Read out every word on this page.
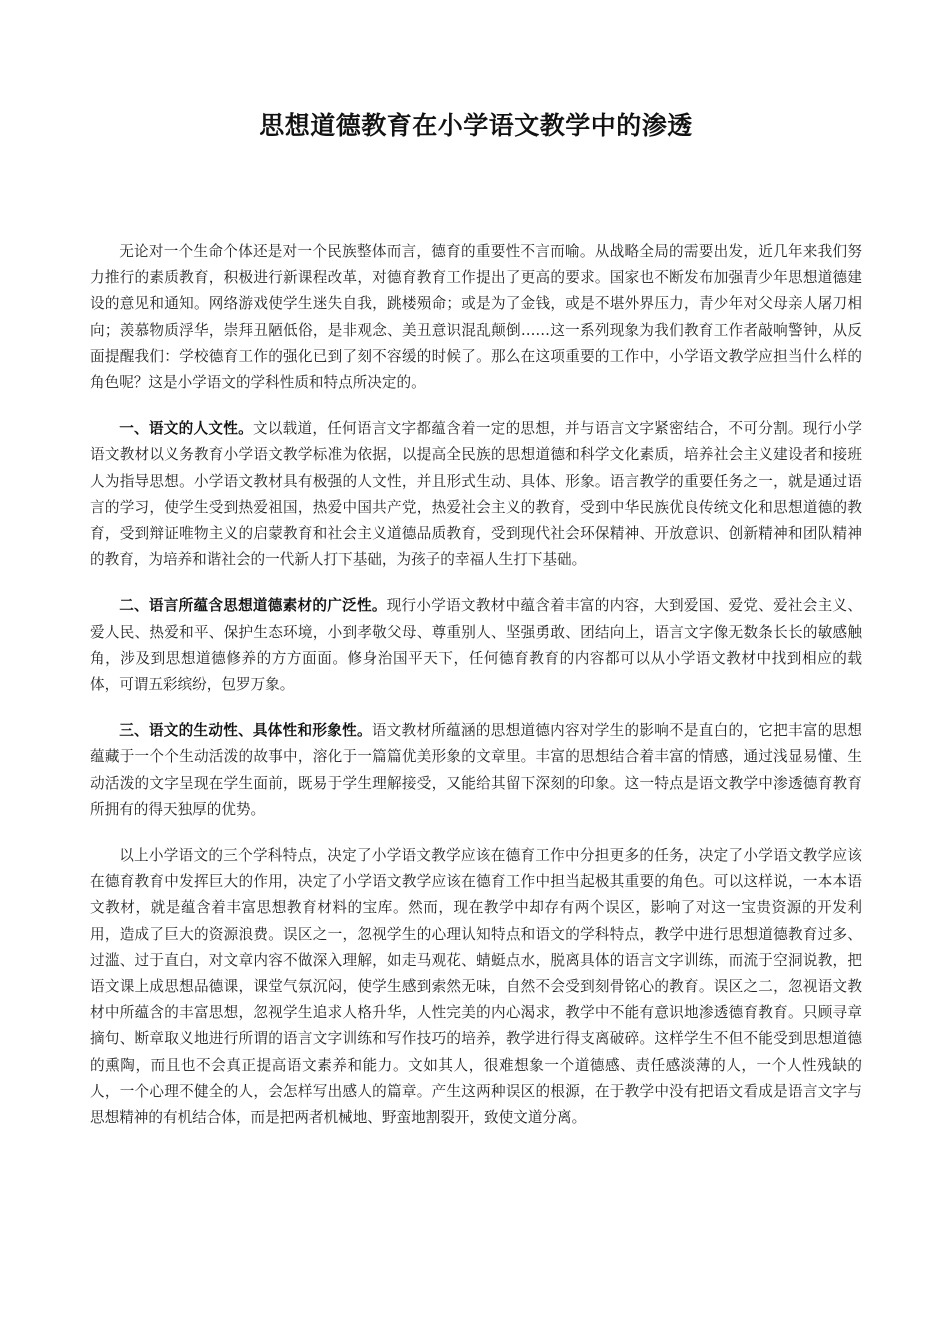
思想道德教育在小学语文教学中的渗透

无论对一个生命个体还是对一个民族整体而言，德育的重要性不言而喻。从战略全局的需要出发，近几年来我们努力推行的素质教育，积极进行新课程改革，对德育教育工作提出了更高的要求。国家也不断发布加强青少年思想道德建设的意见和通知。网络游戏使学生迷失自我，跳楼殒命；或是为了金钱，或是不堪外界压力，青少年对父母亲人屠刀相向；羡慕物质浮华，崇拜丑陋低俗，是非观念、美丑意识混乱颠倒……这一系列现象为我们教育工作者敲响警钟，从反面提醒我们：学校德育工作的强化已到了刻不容缓的时候了。那么在这项重要的工作中，小学语文教学应担当什么样的角色呢？这是小学语文的学科性质和特点所决定的。

一、语文的人文性。文以载道，任何语言文字都蕴含着一定的思想，并与语言文字紧密结合，不可分割。现行小学语文教材以义务教育小学语文教学标准为依据，以提高全民族的思想道德和科学文化素质，培养社会主义建设者和接班人为指导思想。小学语文教材具有极强的人文性，并且形式生动、具体、形象。语言教学的重要任务之一，就是通过语言的学习，使学生受到热爱祖国，热爱中国共产党，热爱社会主义的教育，受到中华民族优良传统文化和思想道德的教育，受到辩证唯物主义的启蒙教育和社会主义道德品质教育，受到现代社会环保精神、开放意识、创新精神和团队精神的教育，为培养和谐社会的一代新人打下基础，为孩子的幸福人生打下基础。

二、语言所蕴含思想道德素材的广泛性。现行小学语文教材中蕴含着丰富的内容，大到爱国、爱党、爱社会主义、爱人民、热爱和平、保护生态环境，小到孝敬父母、尊重别人、坚强勇敢、团结向上，语言文字像无数条长长的敏感触角，涉及到思想道德修养的方方面面。修身治国平天下，任何德育教育的内容都可以从小学语文教材中找到相应的载体，可谓五彩缤纷，包罗万象。

三、语文的生动性、具体性和形象性。语文教材所蕴涵的思想道德内容对学生的影响不是直白的，它把丰富的思想蕴藏于一个个生动活泼的故事中，溶化于一篇篇优美形象的文章里。丰富的思想结合着丰富的情感，通过浅显易懂、生动活泼的文字呈现在学生面前，既易于学生理解接受，又能给其留下深刻的印象。这一特点是语文教学中渗透德育教育所拥有的得天独厚的优势。

以上小学语文的三个学科特点，决定了小学语文教学应该在德育工作中分担更多的任务，决定了小学语文教学应该在德育教育中发挥巨大的作用，决定了小学语文教学应该在德育工作中担当起极其重要的角色。可以这样说，一本本语文教材，就是蕴含着丰富思想教育材料的宝库。然而，现在教学中却存有两个误区，影响了对这一宝贵资源的开发利用，造成了巨大的资源浪费。误区之一，忽视学生的心理认知特点和语文的学科特点，教学中进行思想道德教育过多、过滥、过于直白，对文章内容不做深入理解，如走马观花、蜻蜓点水，脱离具体的语言文字训练，而流于空洞说教，把语文课上成思想品德课，课堂气氛沉闷，使学生感到索然无味，自然不会受到刻骨铭心的教育。误区之二，忽视语文教材中所蕴含的丰富思想，忽视学生追求人格升华，人性完美的内心渴求，教学中不能有意识地渗透德育教育。只顾寻章摘句、断章取义地进行所谓的语言文字训练和写作技巧的培养，教学进行得支离破碎。这样学生不但不能受到思想道德的熏陶，而且也不会真正提高语文素养和能力。文如其人，很难想象一个道德感、责任感淡薄的人，一个人性残缺的人，一个心理不健全的人，会怎样写出感人的篇章。产生这两种误区的根源，在于教学中没有把语文看成是语言文字与思想精神的有机结合体，而是把两者机械地、野蛮地割裂开，致使文道分离。
